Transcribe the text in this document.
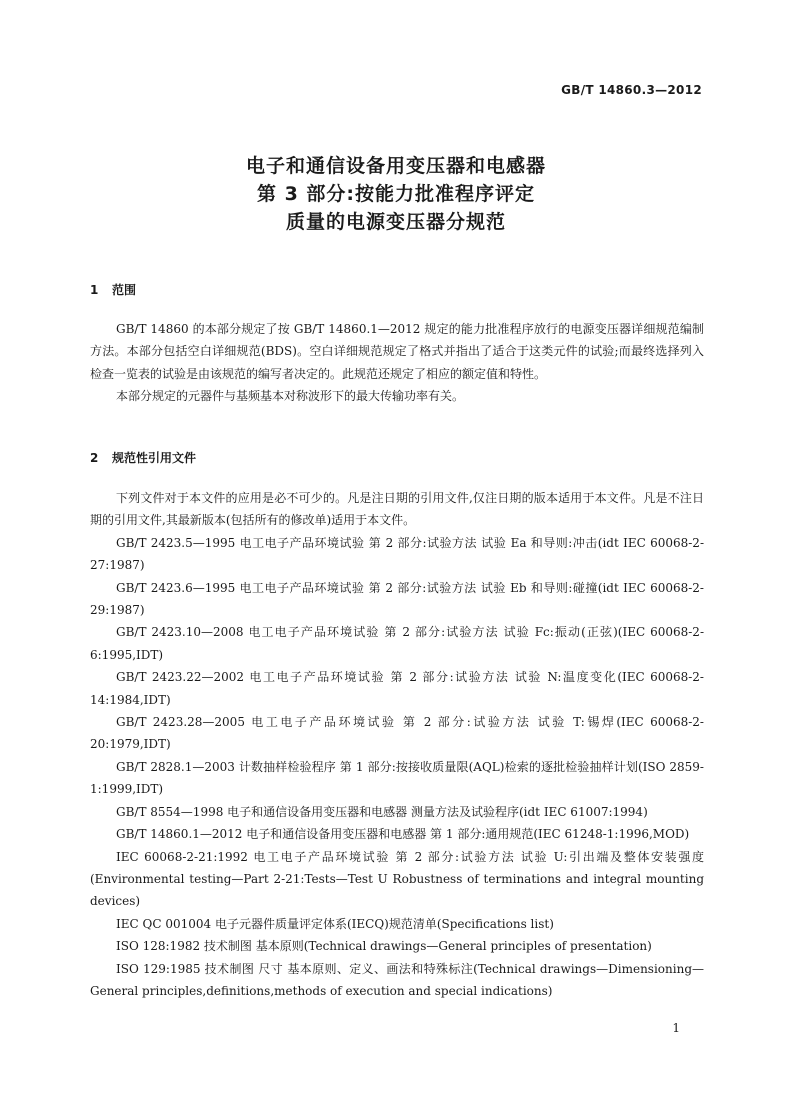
GB/T 14860.3—2012
电子和通信设备用变压器和电感器
第 3 部分:按能力批准程序评定
质量的电源变压器分规范
1 范围

GB/T 14860 的本部分规定了按 GB/T 14860.1—2012 规定的能力批准程序放行的电源变压器详细规范编制方法。本部分包括空白详细规范(BDS)。空白详细规范规定了格式并指出了适合于这类元件的试验;而最终选择列入检查一览表的试验是由该规范的编写者决定的。此规范还规定了相应的额定值和特性。

本部分规定的元器件与基频基本对称波形下的最大传输功率有关。

2 规范性引用文件

下列文件对于本文件的应用是必不可少的。凡是注日期的引用文件,仅注日期的版本适用于本文件。凡是不注日期的引用文件,其最新版本(包括所有的修改单)适用于本文件。

GB/T 2423.5—1995 电工电子产品环境试验 第 2 部分:试验方法 试验 Ea 和导则:冲击(idt IEC 60068-2-27:1987)

GB/T 2423.6—1995 电工电子产品环境试验 第 2 部分:试验方法 试验 Eb 和导则:碰撞(idt IEC 60068-2-29:1987)

GB/T 2423.10—2008 电工电子产品环境试验 第 2 部分:试验方法 试验 Fc:振动(正弦)(IEC 60068-2-6:1995,IDT)

GB/T 2423.22—2002 电工电子产品环境试验 第 2 部分:试验方法 试验 N:温度变化(IEC 60068-2-14:1984,IDT)

GB/T 2423.28—2005 电工电子产品环境试验 第 2 部分:试验方法 试验 T:锡焊(IEC 60068-2-20:1979,IDT)

GB/T 2828.1—2003 计数抽样检验程序 第 1 部分:按接收质量限(AQL)检索的逐批检验抽样计划(ISO 2859-1:1999,IDT)

GB/T 8554—1998 电子和通信设备用变压器和电感器 测量方法及试验程序(idt IEC 61007:1994)

GB/T 14860.1—2012 电子和通信设备用变压器和电感器 第 1 部分:通用规范(IEC 61248-1:1996,MOD)

IEC 60068-2-21:1992 电工电子产品环境试验 第 2 部分:试验方法 试验 U:引出端及整体安装强度(Environmental testing—Part 2-21:Tests—Test U Robustness of terminations and integral mounting devices)

IEC QC 001004 电子元器件质量评定体系(IECQ)规范清单(Specifications list)

ISO 128:1982 技术制图 基本原则(Technical drawings—General principles of presentation)

ISO 129:1985 技术制图 尺寸 基本原则、定义、画法和特殊标注(Technical drawings—Dimensioning—General principles,definitions,methods of execution and special indications)

1
